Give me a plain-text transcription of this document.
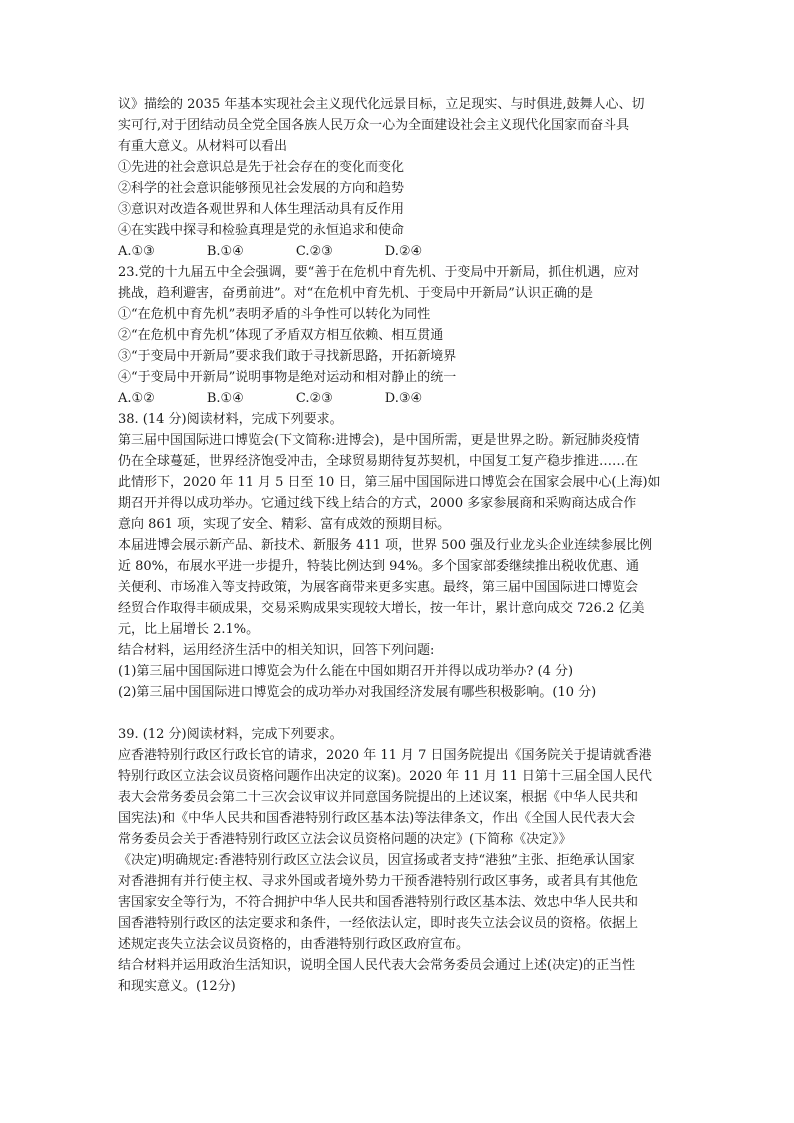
议》描绘的 2035 年基本实现社会主义现代化远景目标，立足现实、与时俱进,鼓舞人心、切
实可行,对于团结动员全党全国各族人民万众一心为全面建设社会主义现代化国家而奋斗具
有重大意义。从材料可以看出
①先进的社会意识总是先于社会存在的变化而变化
②科学的社会意识能够预见社会发展的方向和趋势
③意识对改造各观世界和人体生理活动具有反作用
④在实践中探寻和检验真理是党的永恒追求和使命
A.①③	B.①④	C.②③	D.②④
23.党的十九届五中全会强调，要“善于在危机中育先机、于变局中开新局，抓住机遇，应对
挑战，趋利避害，奋勇前进”。对“在危机中育先机、于变局中开新局”认识正确的是
①“在危机中育先机”表明矛盾的斗争性可以转化为同性
②“在危机中育先机”体现了矛盾双方相互依赖、相互贯通
③“于变局中开新局”要求我们敢于寻找新思路，开拓新境界
④“于变局中开新局”说明事物是绝对运动和相对静止的统一
A.①②	B.①④	C.②③	D.③④
38. (14 分)阅读材料，完成下列要求。
第三届中国国际进口博览会(下文简称:进博会)，是中国所需，更是世界之盼。新冠肺炎疫情
仍在全球蔓延，世界经济饱受冲击，全球贸易期待复苏契机，中国复工复产稳步推进……在
此情形下，2020 年 11 月 5 日至 10 日，第三届中国国际进口博览会在国家会展中心(上海)如
期召开并得以成功举办。它通过线下线上结合的方式，2000 多家参展商和采购商达成合作
意向 861 项，实现了安全、精彩、富有成效的预期目标。
本届进博会展示新产品、新技术、新服务 411 项，世界 500 强及行业龙头企业连续参展比例
近 80%，布展水平进一步提升，特装比例达到 94%。多个国家部委继续推出税收优惠、通
关便利、市场准入等支持政策，为展客商带来更多实惠。最终，第三届中国国际进口博览会
经贸合作取得丰硕成果，交易采购成果实现较大增长，按一年计，累计意向成交 726.2 亿美
元，比上届增长 2.1%。
结合材料，运用经济生活中的相关知识，回答下列问题:
(1)第三届中国国际进口博览会为什么能在中国如期召开并得以成功举办? (4 分)
(2)第三届中国国际进口博览会的成功举办对我国经济发展有哪些积极影响。(10 分)
39. (12 分)阅读材料，完成下列要求。
应香港特别行政区行政长官的请求，2020 年 11 月 7 日国务院提出《国务院关于提请就香港
特别行政区立法会议员资格问题作出决定的议案)。2020 年 11 月 11 日第十三届全国人民代
表大会常务委员会第二十三次会议审议并同意国务院提出的上述议案，根据《中华人民共和
国宪法)和《中华人民共和国香港特别行政区基本法)等法律条文，作出《全国人民代表大会
常务委员会关于香港特别行政区立法会议员资格问题的决定》(下简称《决定》》
《决定)明确规定:香港特别行政区立法会议员，因宣扬或者支持“港独”主张、拒绝承认国家
对香港拥有并行使主权、寻求外国或者境外势力干预香港特别行政区事务，或者具有其他危
害国家安全等行为，不符合拥护中华人民共和国香港特别行政区基本法、效忠中华人民共和
国香港特别行政区的法定要求和条件，一经依法认定，即时丧失立法会议员的资格。依据上
述规定丧失立法会议员资格的，由香港特别行政区政府宣布。
结合材料并运用政治生活知识，说明全国人民代表大会常务委员会通过上述(决定)的正当性
和现实意义。(12分)
